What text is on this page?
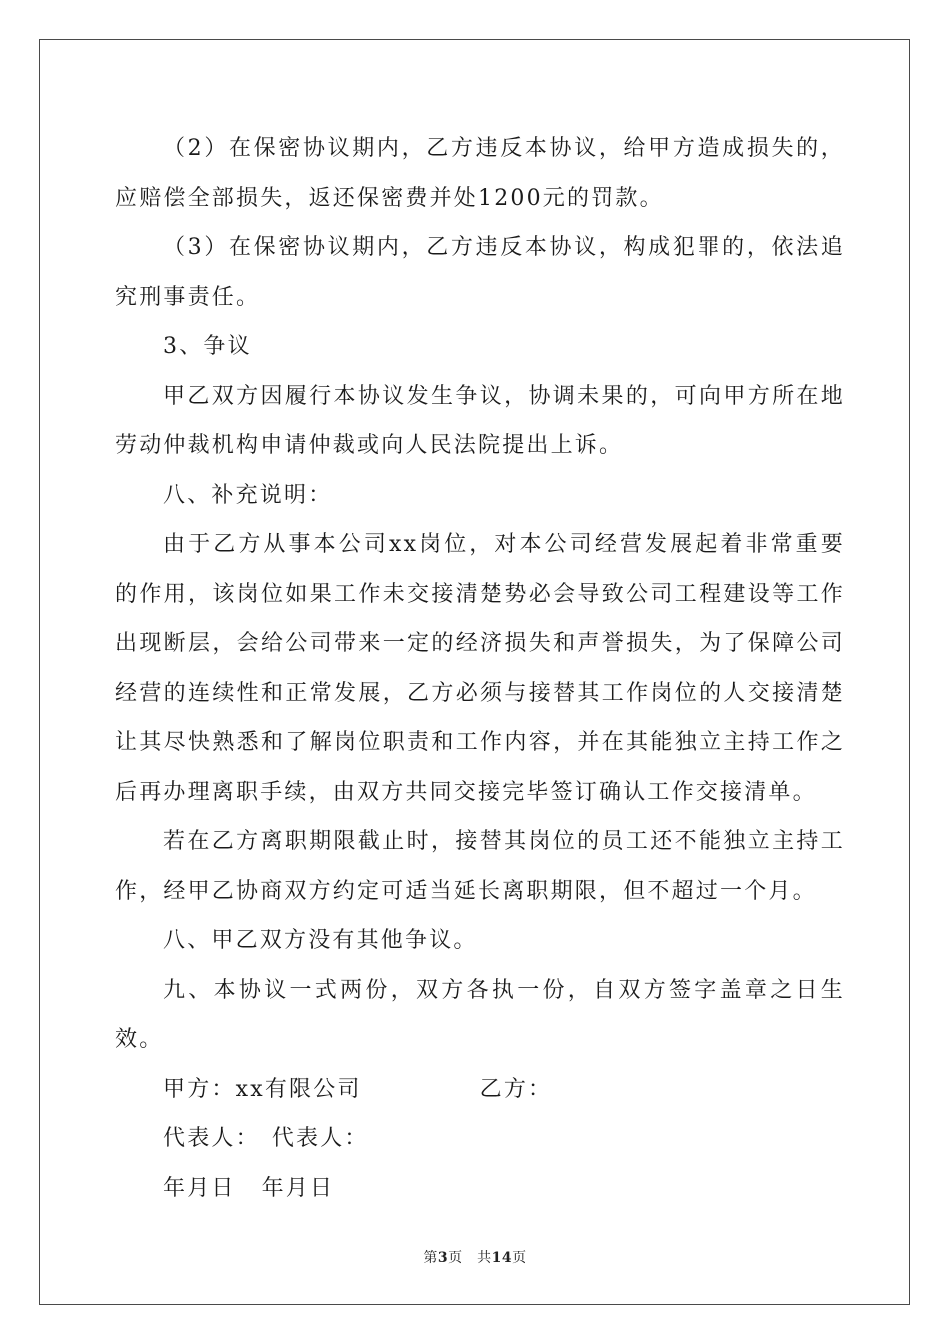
（2）在保密协议期内，乙方违反本协议，给甲方造成损失的，应赔偿全部损失，返还保密费并处1200元的罚款。

（3）在保密协议期内，乙方违反本协议，构成犯罪的，依法追究刑事责任。

3、争议

甲乙双方因履行本协议发生争议，协调未果的，可向甲方所在地劳动仲裁机构申请仲裁或向人民法院提出上诉。

八、补充说明：

由于乙方从事本公司xx岗位，对本公司经营发展起着非常重要的作用，该岗位如果工作未交接清楚势必会导致公司工程建设等工作出现断层，会给公司带来一定的经济损失和声誉损失，为了保障公司经营的连续性和正常发展，乙方必须与接替其工作岗位的人交接清楚让其尽快熟悉和了解岗位职责和工作内容，并在其能独立主持工作之后再办理离职手续，由双方共同交接完毕签订确认工作交接清单。

若在乙方离职期限截止时，接替其岗位的员工还不能独立主持工作，经甲乙协商双方约定可适当延长离职期限，但不超过一个月。

八、甲乙双方没有其他争议。

九、本协议一式两份，双方各执一份，自双方签字盖章之日生效。

甲方：xx有限公司	乙方：

代表人： 代表人：

年月日 年月日

第3页　共14页
